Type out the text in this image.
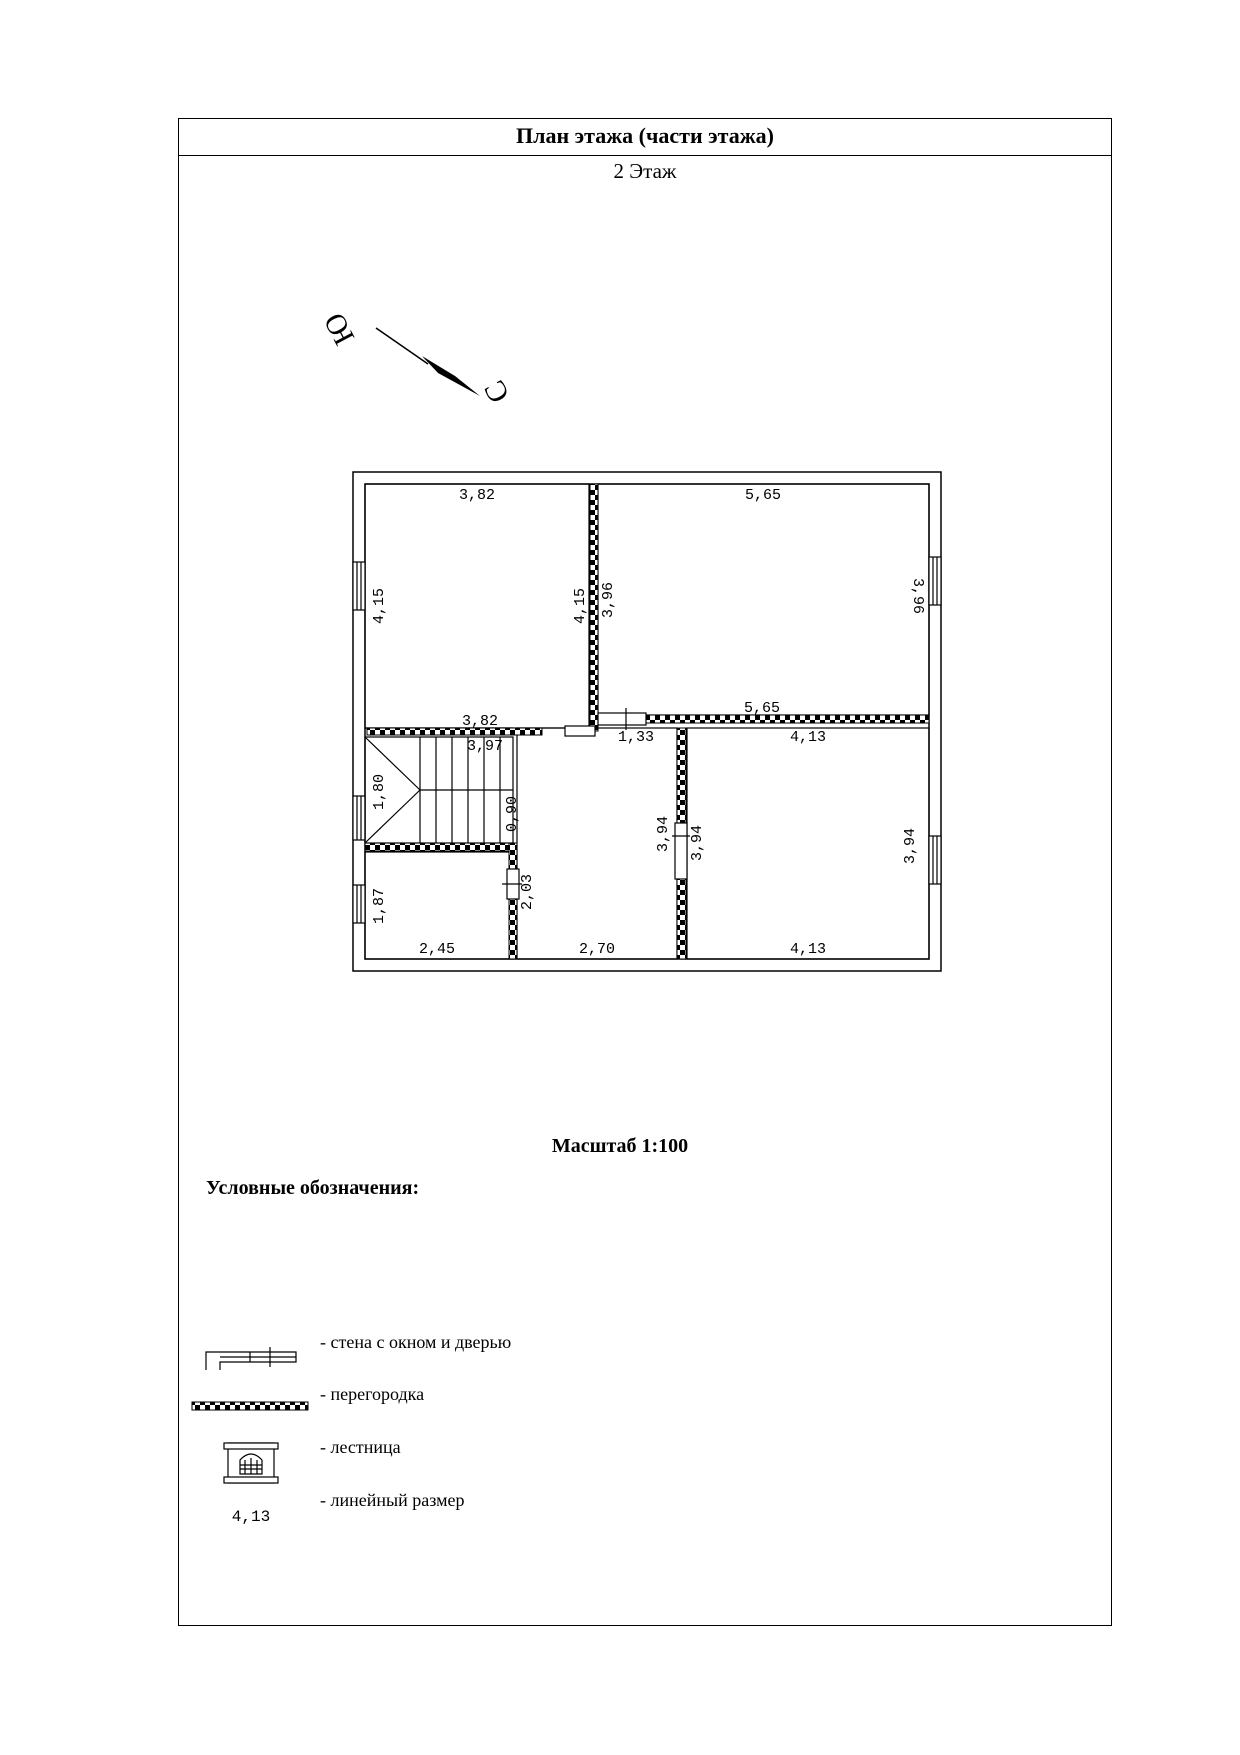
План этажа (части этажа)
2 Этаж
Ю
С
3,82
4,15	4,15
3,82
3,96
5,65
3,96
5,65
3,97
1,80
0,90
1,33
3,94
2,70
4,13
3,94	3,94
4,13
1,87	2,03
2,45
4,13
Масштаб 1:100
Условные обозначения:
- стена с окном и дверью
- перегородка
- лестница
- линейный размер
